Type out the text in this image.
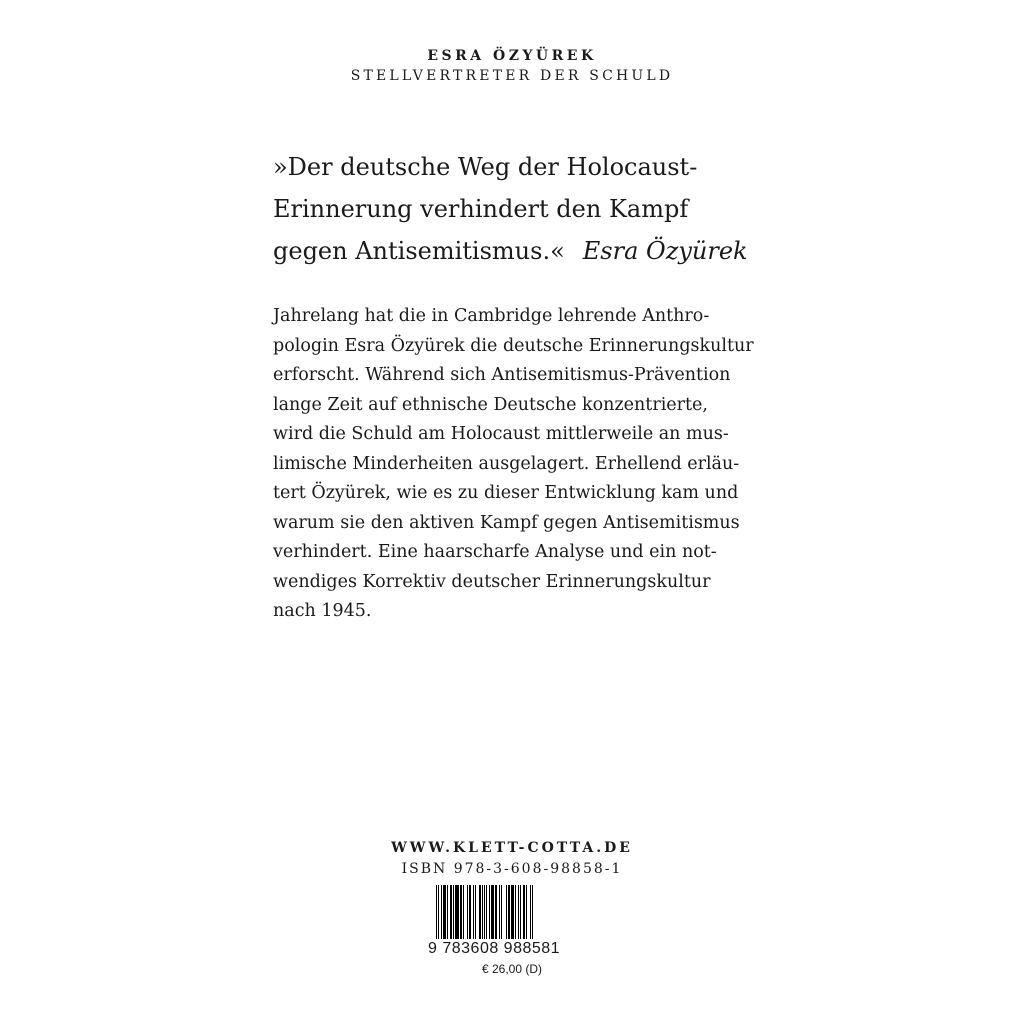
ESRA ÖZYÜREK
STELLVERTRETER DER SCHULD
»Der deutsche Weg der Holocaust-
Erinnerung verhindert den Kampf
gegen Antisemitismus.« Esra Özyürek
Jahrelang hat die in Cambridge lehrende Anthro-
pologin Esra Özyürek die deutsche Erinnerungskultur
erforscht. Während sich Antisemitismus-Prävention
lange Zeit auf ethnische Deutsche konzentrierte,
wird die Schuld am Holocaust mittlerweile an mus-
limische Minderheiten ausgelagert. Erhellend erläu-
tert Özyürek, wie es zu dieser Entwicklung kam und
warum sie den aktiven Kampf gegen Antisemitismus
verhindert. Eine haarscharfe Analyse und ein not-
wendiges Korrektiv deutscher Erinnerungskultur
nach 1945.
WWW.KLETT-COTTA.DE
ISBN 978-3-608-98858-1
9 783608 988581
€ 26,00 (D)
